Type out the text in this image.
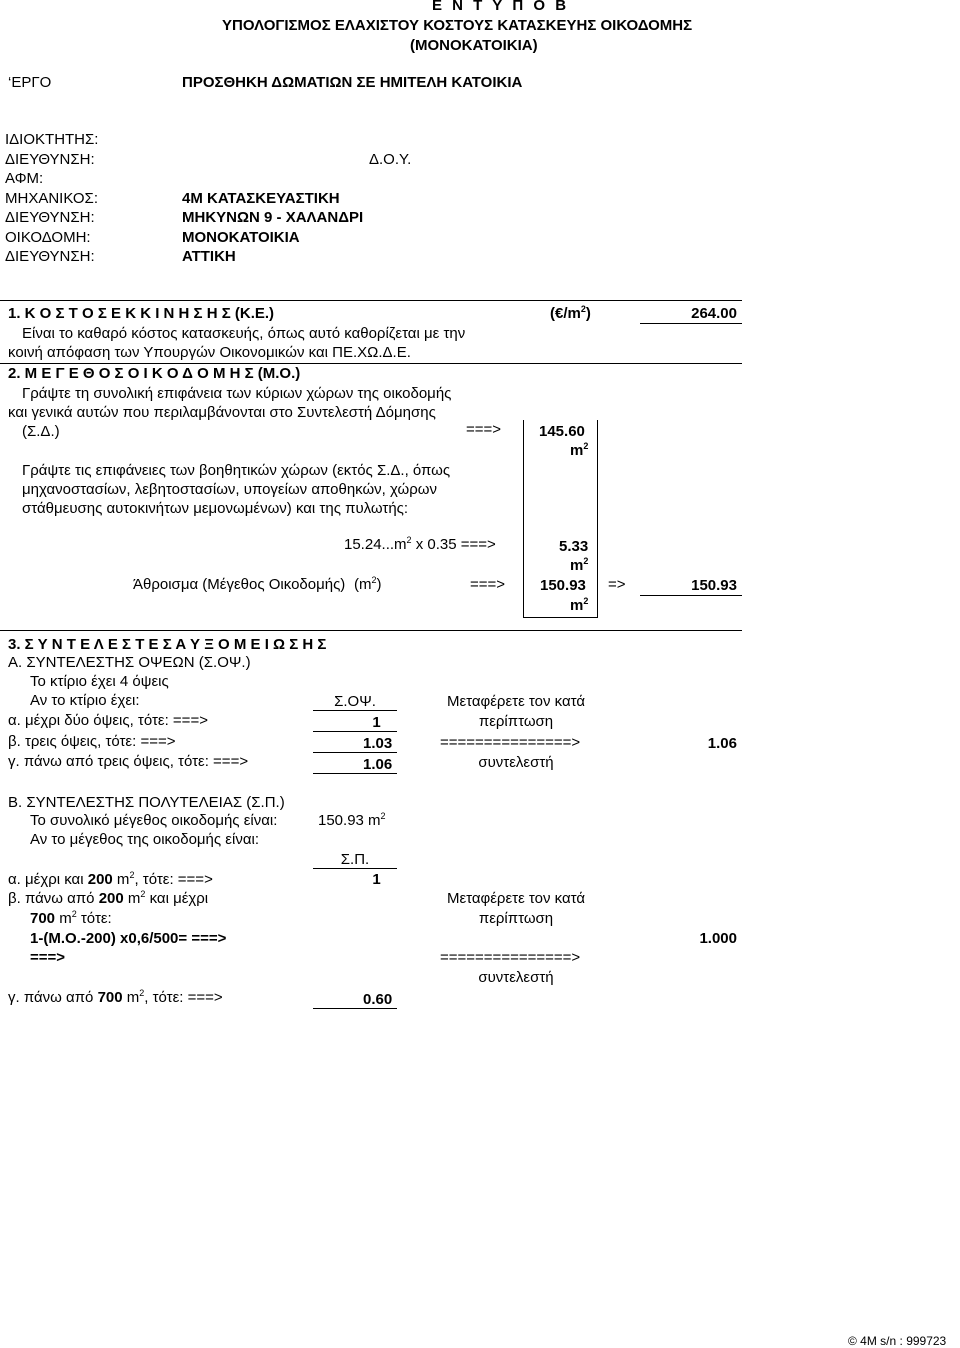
Ε Ν Τ Υ Π Ο Β
ΥΠΟΛΟΓΙΣΜΟΣ ΕΛΑΧΙΣΤΟΥ ΚΟΣΤΟΥΣ ΚΑΤΑΣΚΕΥΗΣ ΟΙΚΟΔΟΜΗΣ
(ΜΟΝΟΚΑΤΟΙΚΙΑ)
‘ΕΡΓΟ	ΠΡΟΣΘΗΚΗ ΔΩΜΑΤΙΩΝ ΣΕ ΗΜΙΤΕΛΗ ΚΑΤΟΙΚΙΑ
ΙΔΙΟΚΤΗΤΗΣ:
ΔΙΕΥΘΥΝΣΗ:	Δ.Ο.Υ.
ΑΦΜ:
ΜΗΧΑΝΙΚΟΣ:	4Μ ΚΑΤΑΣΚΕΥΑΣΤΙΚΗ
ΔΙΕΥΘΥΝΣΗ:	ΜΗΚΥΝΩΝ 9 - ΧΑΛΑΝΔΡΙ
ΟΙΚΟΔΟΜΗ:	ΜΟΝΟΚΑΤΟΙΚΙΑ
ΔΙΕΥΘΥΝΣΗ:	ΑΤΤΙΚΗ
1. Κ Ο Σ Τ Ο Σ Ε Κ Κ Ι Ν Η Σ Η Σ (Κ.Ε.)	$(€/m^2)$	264.00
Είναι το καθαρό κόστος κατασκευής, όπως αυτό καθορίζεται με την
κοινή απόφαση των Υπουργών Οικονομικών και ΠΕ.ΧΩ.Δ.Ε.
2. Μ Ε Γ Ε Θ Ο Σ Ο Ι Κ Ο Δ Ο Μ Η Σ (Μ.Ο.)
Γράψτε τη συνολική επιφάνεια των κύριων χώρων της οικοδομής
και γενικά αυτών που περιλαμβάνονται στο Συντελεστή Δόμησης
(Σ.Δ.)	===>	145.60
$m^2$
Γράψτε τις επιφάνειες των βοηθητικών χώρων (εκτός Σ.Δ., όπως
μηχανοστασίων, λεβητοστασίων, υπογείων αποθηκών, χώρων
στάθμευσης αυτοκινήτων μεμονωμένων) και της πυλωτής:
$15.24...m^2$ x 0.35 ===>	5.33
$m^2$
Άθροισμα (Μέγεθος Οικοδομής) $(m^2)$	===> 150.93 =>	150.93
$m^2$
3. Σ Υ Ν Τ Ε Λ Ε Σ Τ Ε Σ Α Υ Ξ Ο Μ Ε Ι Ω Σ Η Σ
Α. ΣΥΝΤΕΛΕΣΤΗΣ ΟΨΕΩΝ (Σ.ΟΨ.)
Το κτίριο έχει 4 όψεις
Αν το κτίριο έχει:	Σ.ΟΨ.
α. μέχρι δύο όψεις, τότε: ===>	1
β. τρεις όψεις, τότε: ===>	1.03
γ. πάνω από τρεις όψεις, τότε: ===>	1.06
Μεταφέρετε τον κατά
περίπτωση
===============>
συντελεστή
1.06
Β. ΣΥΝΤΕΛΕΣΤΗΣ ΠΟΛΥΤΕΛΕΙΑΣ (Σ.Π.)
Το συνολικό μέγεθος οικοδομής είναι:	150.93 $m^2$
Αν το μέγεθος της οικοδομής είναι:
Σ.Π.
α. μέχρι και 200 $m^2$, τότε: ===>	1
β. πάνω από 200 $m^2$ και μέχρι
700 $m^2$ τότε:
1-(Μ.Ο.-200) x0,6/500= ===>
===>
γ. πάνω από 700 $m^2$, τότε: ===>	0.60
Μεταφέρετε τον κατά
περίπτωση
===============>
συντελεστή
1.000
© 4M s/n : 999723
